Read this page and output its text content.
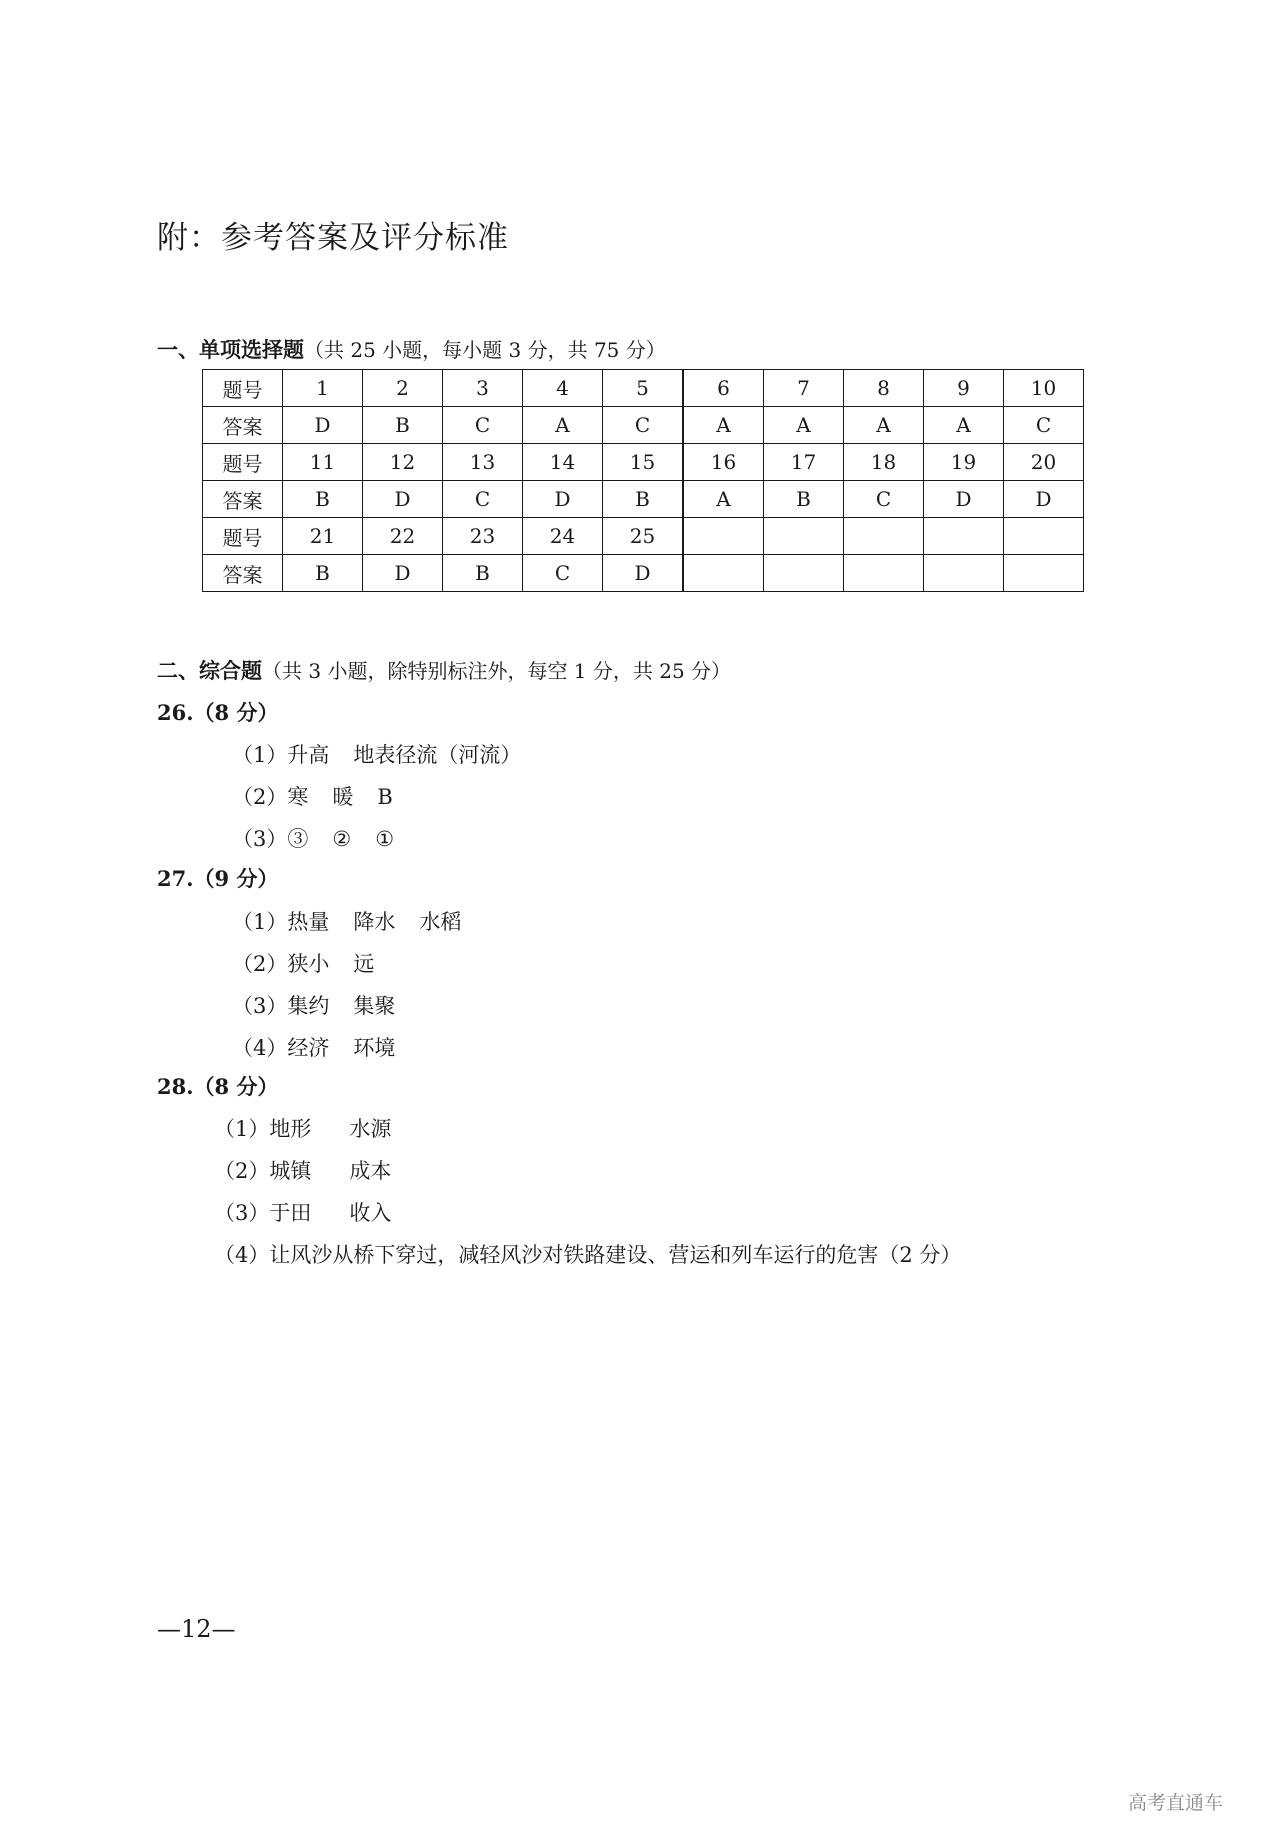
附：参考答案及评分标准
一、单项选择题（共 25 小题，每小题 3 分，共 75 分）
题号	1	2	3	4	5	6	7	8	9	10
答案	D	B	C	A	C	A	A	A	A	C
题号	11	12	13	14	15	16	17	18	19	20
答案	B	D	C	D	B	A	B	C	D	D
题号	21	22	23	24	25					
答案	B	D	B	C	D					
二、综合题（共 3 小题，除特别标注外，每空 1 分，共 25 分）
26.（8 分）
（1）升高 地表径流（河流）
（2）寒 暖 B
（3）③ ② ①
27.（9 分）
（1）热量 降水 水稻
（2）狭小 远
（3）集约 集聚
（4）经济 环境
28.（8 分）
（1）地形 水源
（2）城镇 成本
（3）于田 收入
（4）让风沙从桥下穿过，减轻风沙对铁路建设、营运和列车运行的危害（2 分）
—12—
高考直通车
